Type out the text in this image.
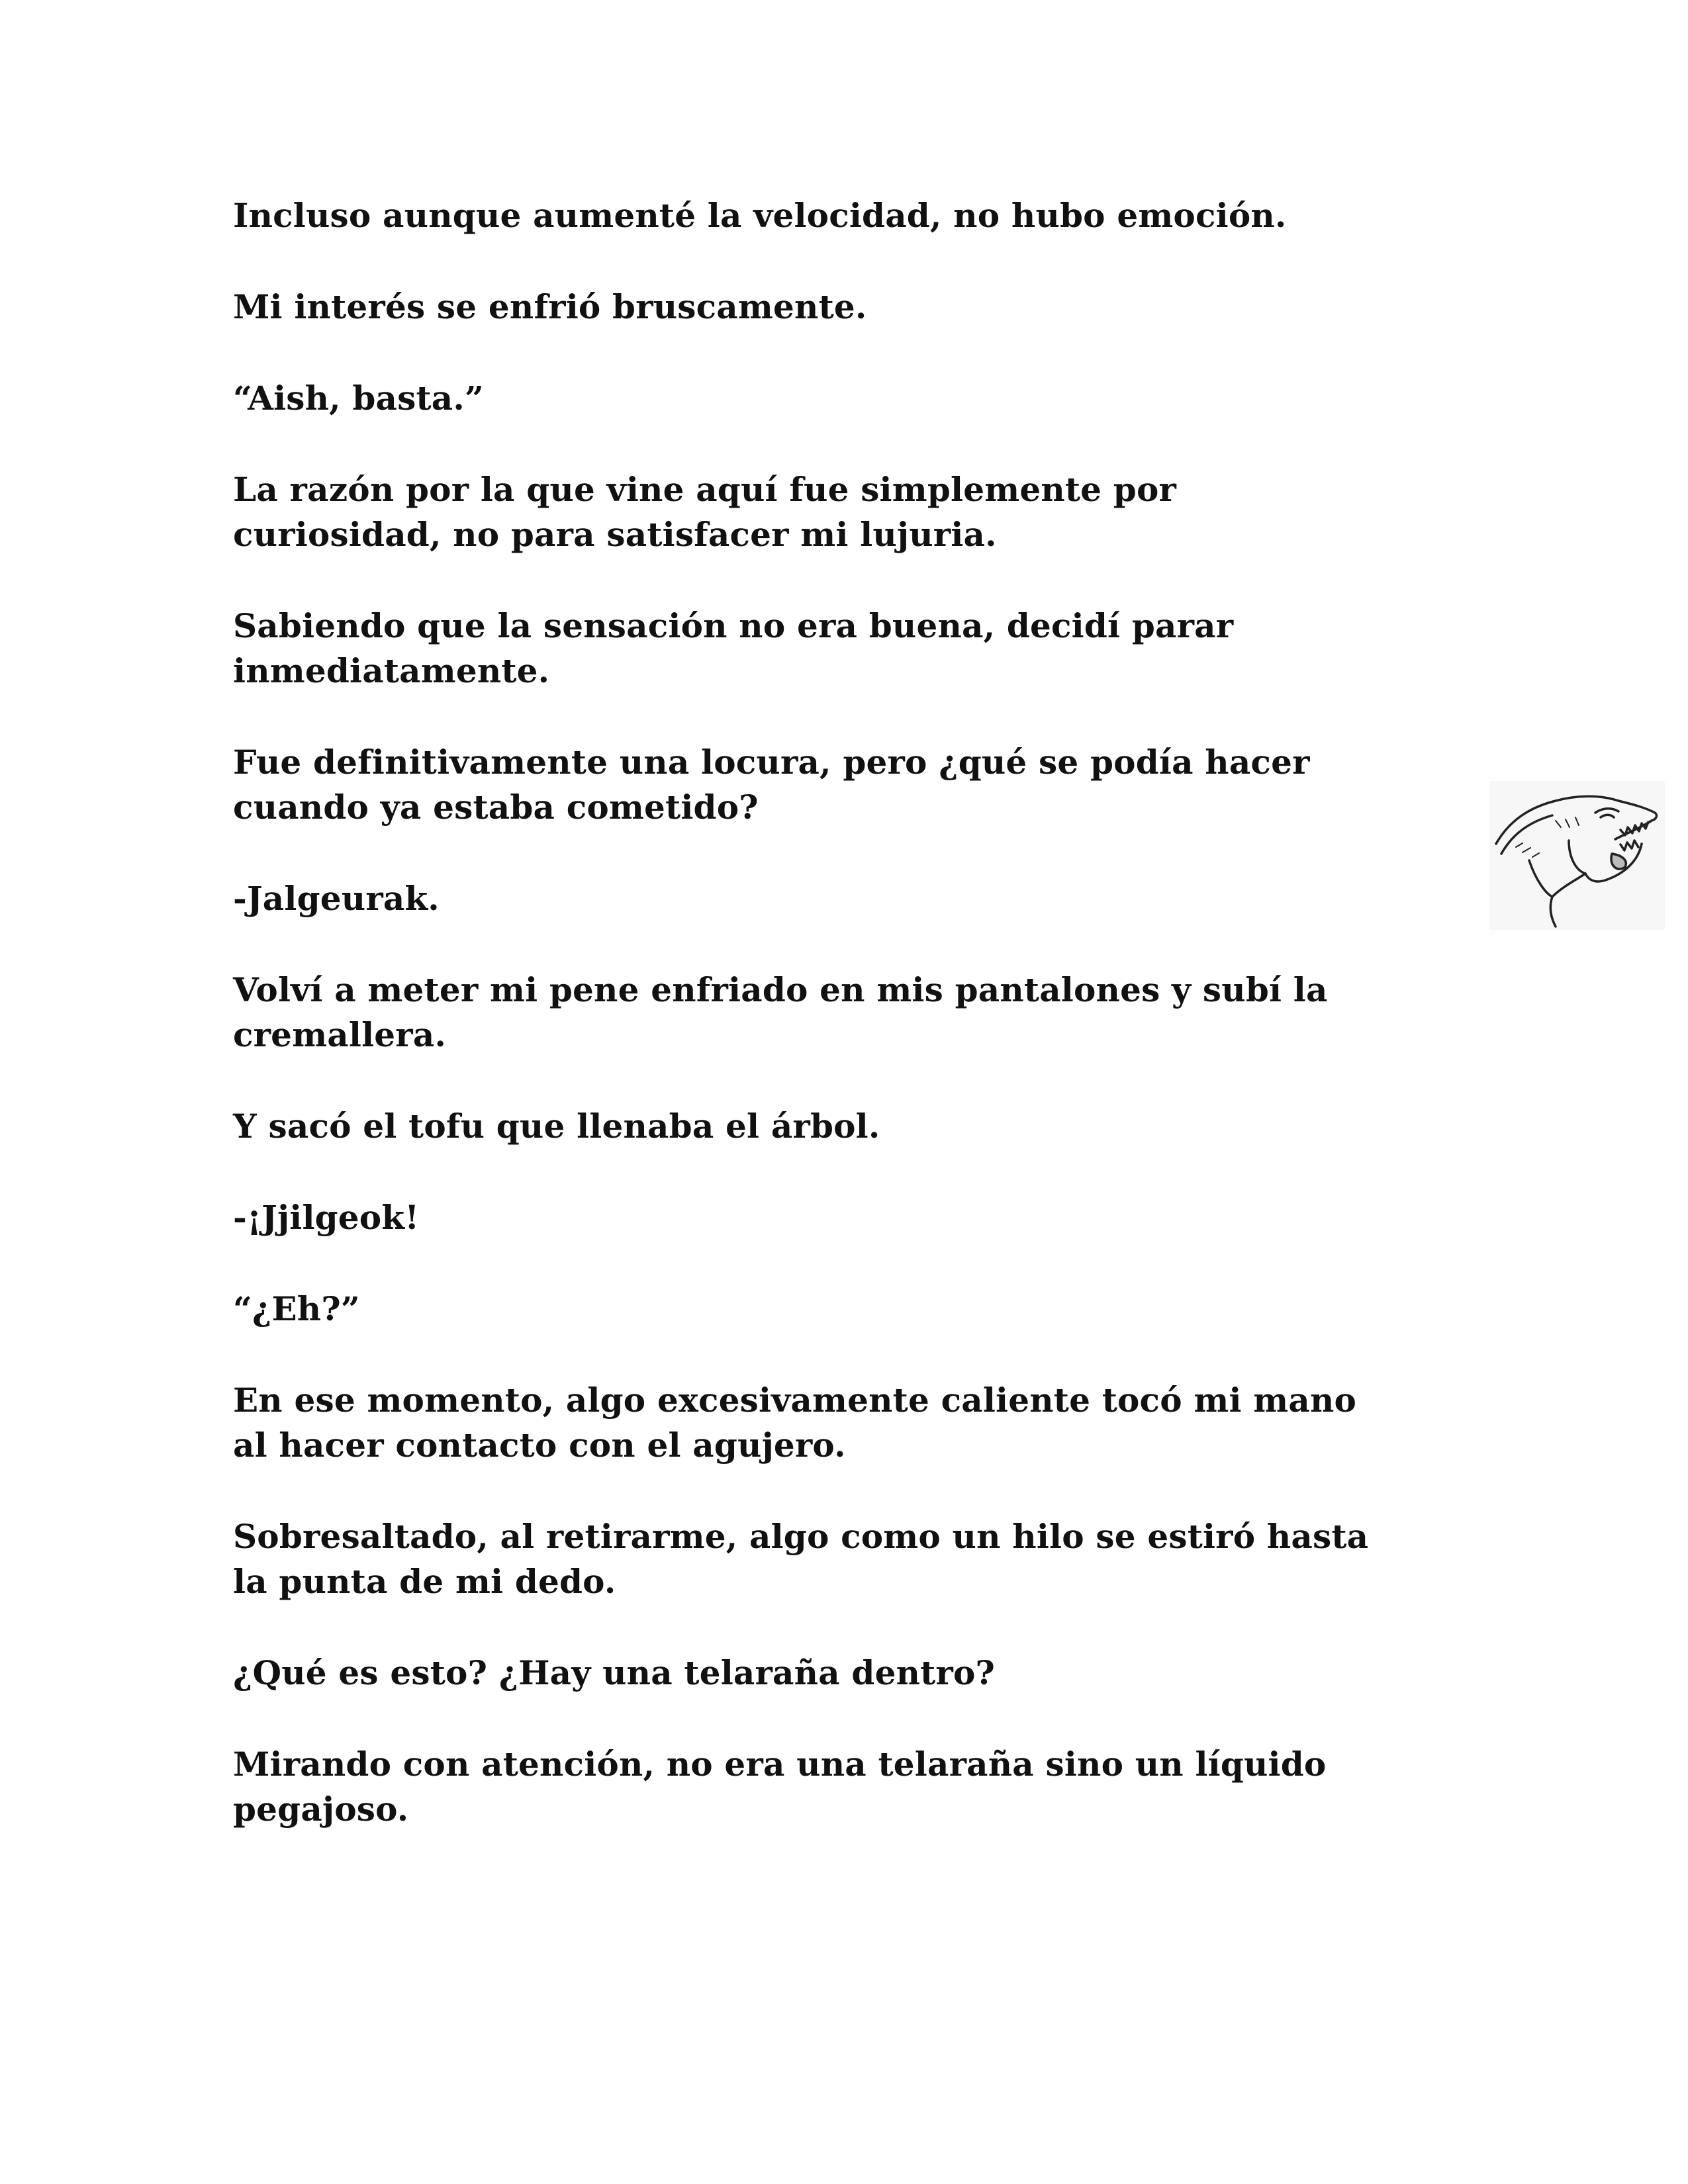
Incluso aunque aumenté la velocidad, no hubo emoción.

Mi interés se enfrió bruscamente.

“Aish, basta.”

La razón por la que vine aquí fue simplemente por
curiosidad, no para satisfacer mi lujuria.

Sabiendo que la sensación no era buena, decidí parar
inmediatamente.

Fue definitivamente una locura, pero ¿qué se podía hacer
cuando ya estaba cometido?

-Jalgeurak.

Volví a meter mi pene enfriado en mis pantalones y subí la
cremallera.

Y sacó el tofu que llenaba el árbol.

-¡Jjilgeok!

“¿Eh?”

En ese momento, algo excesivamente caliente tocó mi mano
al hacer contacto con el agujero.

Sobresaltado, al retirarme, algo como un hilo se estiró hasta
la punta de mi dedo.

¿Qué es esto? ¿Hay una telaraña dentro?

Mirando con atención, no era una telaraña sino un líquido
pegajoso.
